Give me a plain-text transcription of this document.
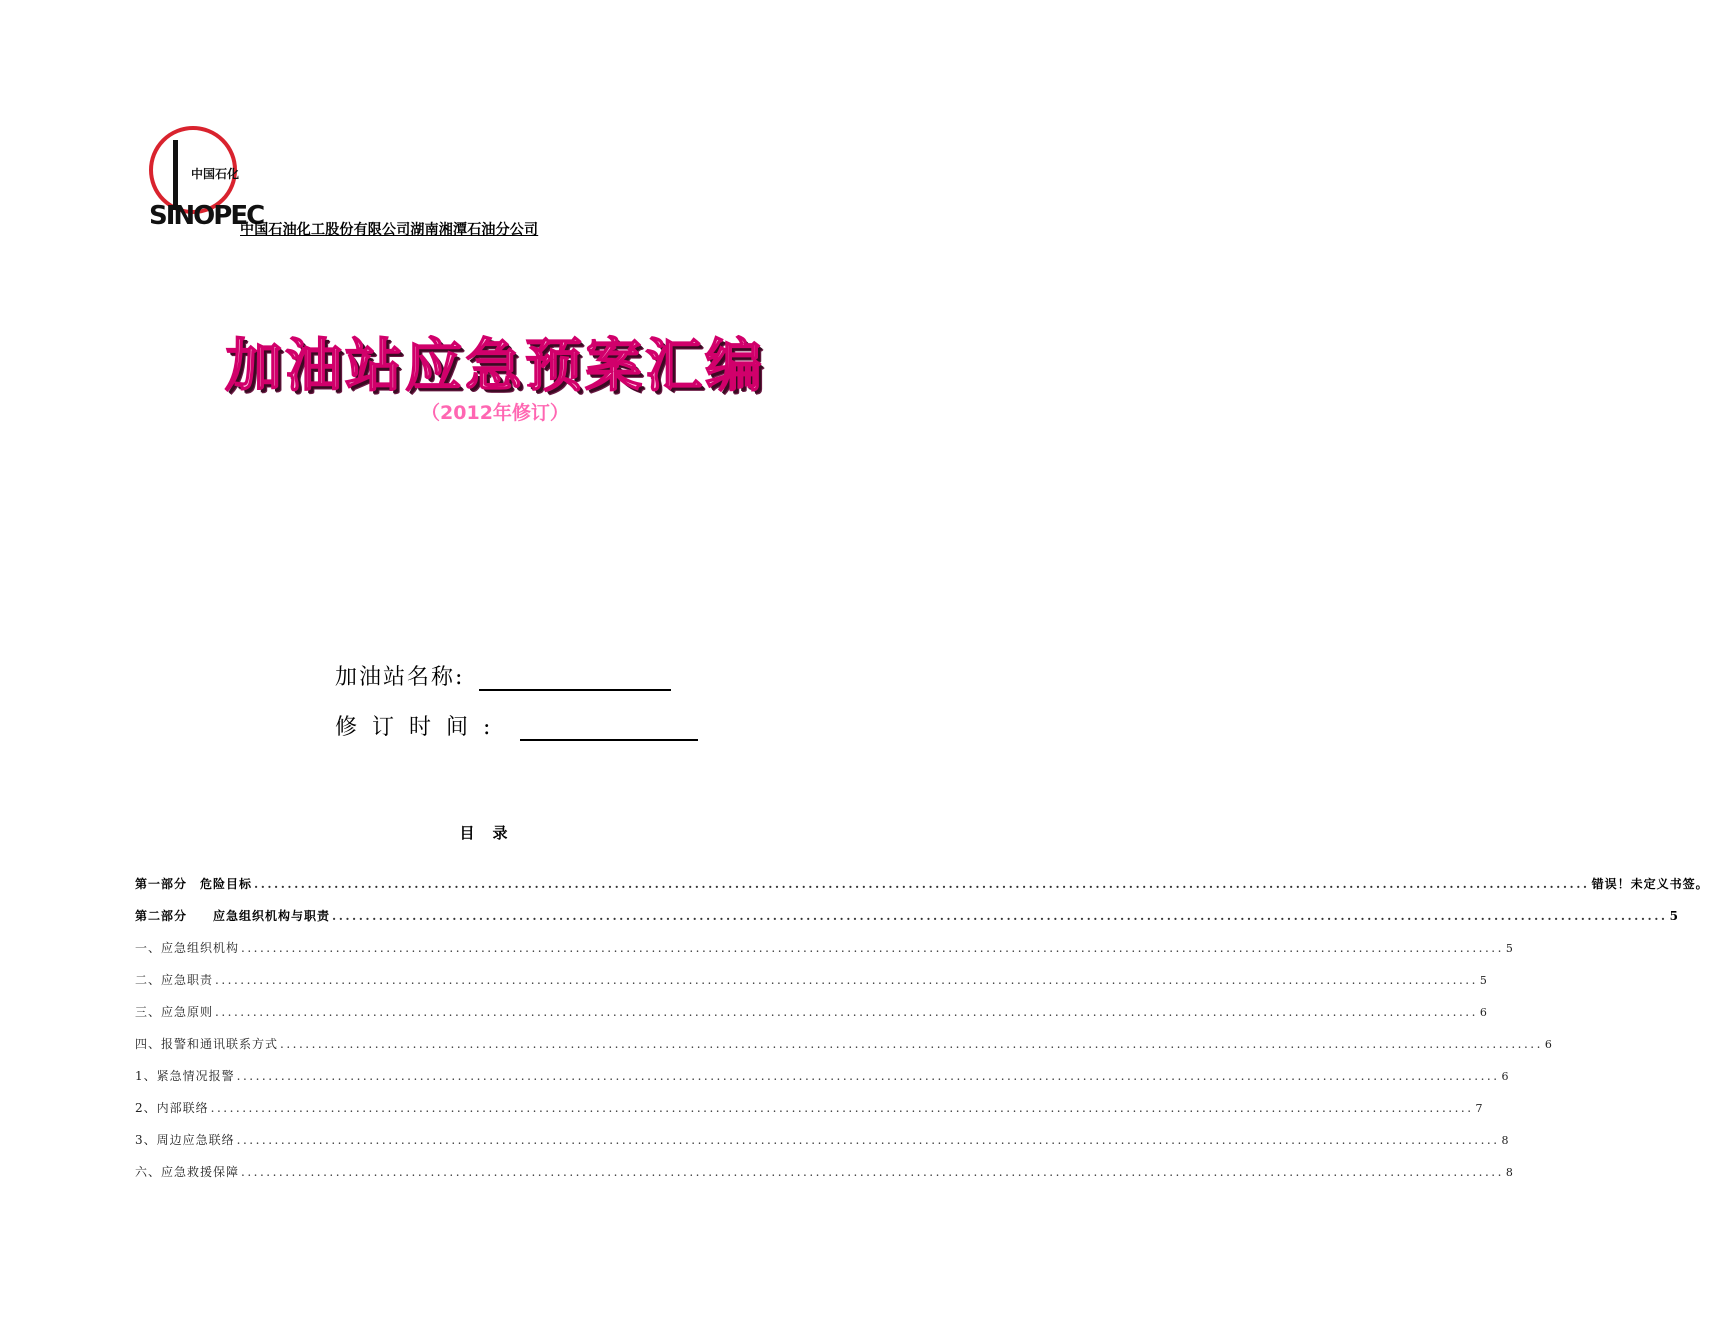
中国石化
SINOPEC
中国石油化工股份有限公司湖南湘潭石油分公司
加油站应急预案汇编
（2012年修订）
加油站名称:
修订时间:
目录
第一部分　危险目标 ........................................................................................................................................................................................................ 错误！未定义书签。
第二部分　　应急组织机构与职责 ........................................................................................................................................................................................................ 5
一、应急组织机构 ........................................................................................................................................................................................................ 5
二、应急职责 ........................................................................................................................................................................................................ 5
三、应急原则 ........................................................................................................................................................................................................ 6
四、报警和通讯联系方式 ........................................................................................................................................................................................................ 6
1、紧急情况报警 ........................................................................................................................................................................................................ 6
2、内部联络 ........................................................................................................................................................................................................ 7
3、周边应急联络 ........................................................................................................................................................................................................ 8
六、应急救援保障 ........................................................................................................................................................................................................ 8
